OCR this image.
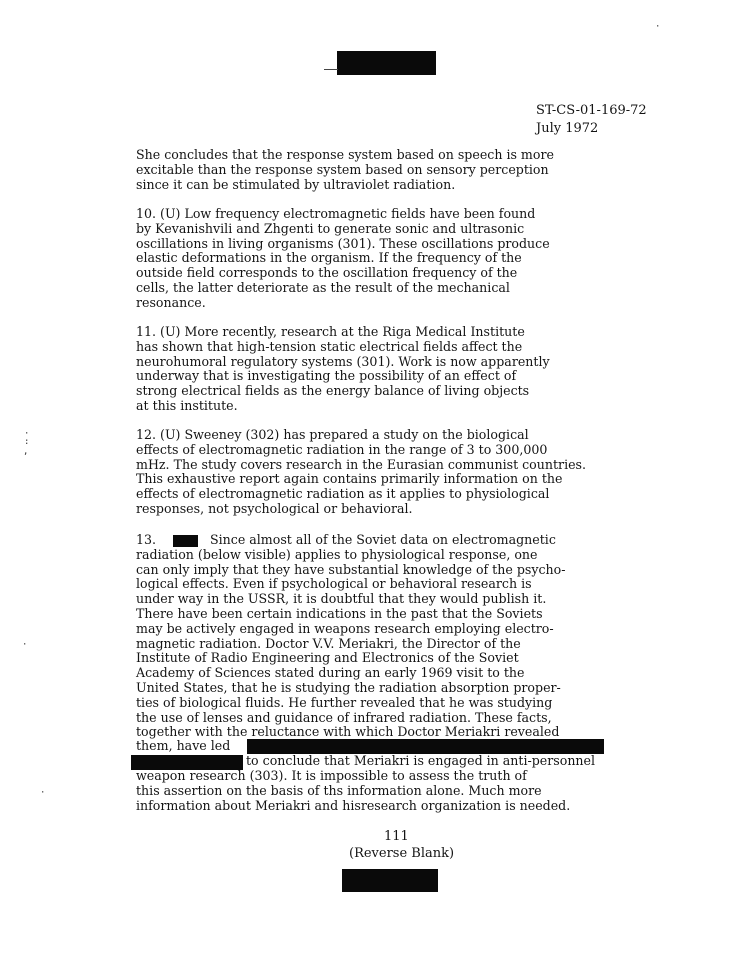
ST-CS-01-169-72
July 1972
She concludes that the response system based on speech is more
excitable than the response system based on sensory perception
since it can be stimulated by ultraviolet radiation.
10. (U) Low frequency electromagnetic fields have been found
by Kevanishvili and Zhgenti to generate sonic and ultrasonic
oscillations in living organisms (301). These oscillations produce
elastic deformations in the organism. If the frequency of the
outside field corresponds to the oscillation frequency of the
cells, the latter deteriorate as the result of the mechanical
resonance.
11. (U) More recently, research at the Riga Medical Institute
has shown that high-tension static electrical fields affect the
neurohumoral regulatory systems (301). Work is now apparently
underway that is investigating the possibility of an effect of
strong electrical fields as the energy balance of living objects
at this institute.
12. (U) Sweeney (302) has prepared a study on the biological
effects of electromagnetic radiation in the range of 3 to 300,000
mHz. The study covers research in the Eurasian communist countries.
This exhaustive report again contains primarily information on the
effects of electromagnetic radiation as it applies to physiological
responses, not psychological or behavioral.
13.	Since almost all of the Soviet data on electromagnetic
radiation (below visible) applies to physiological response, one
can only imply that they have substantial knowledge of the psycho-
logical effects. Even if psychological or behavioral research is
under way in the USSR, it is doubtful that they would publish it.
There have been certain indications in the past that the Soviets
may be actively engaged in weapons research employing electro-
magnetic radiation. Doctor V.V. Meriakri, the Director of the
Institute of Radio Engineering and Electronics of the Soviet
Academy of Sciences stated during an early 1969 visit to the
United States, that he is studying the radiation absorption proper-
ties of biological fluids. He further revealed that he was studying
the use of lenses and guidance of infrared radiation. These facts,
together with the reluctance with which Doctor Meriakri revealed
them, have led
to conclude that Meriakri is engaged in anti-personnel
weapon research (303). It is impossible to assess the truth of
this assertion on the basis of ths information alone. Much more
information about Meriakri and hisresearch organization is needed.
111
(Reverse Blank)
·
:
,
·
·
·
